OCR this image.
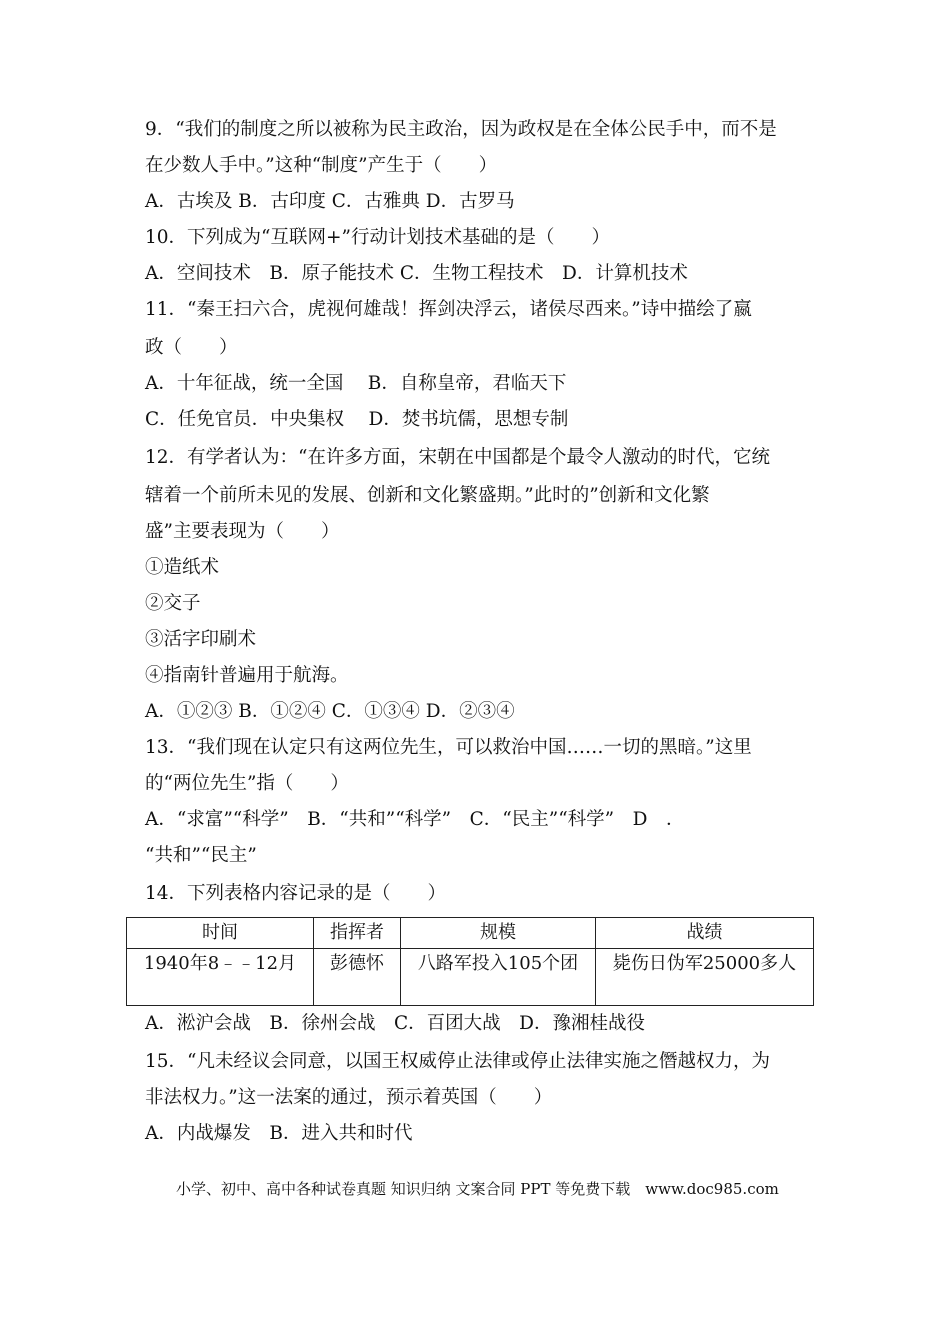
9．“我们的制度之所以被称为民主政治，因为政权是在全体公民手中，而不是
在少数人手中。”这种“制度”产生于（　　）
A．古埃及 B．古印度 C．古雅典 D．古罗马
10．下列成为“互联网+”行动计划技术基础的是（　　）
A．空间技术　B．原子能技术 C．生物工程技术　D．计算机技术
11．“秦王扫六合，虎视何雄哉！挥剑决浮云，诸侯尽西来。”诗中描绘了嬴
政（　　）
A．十年征战，统一全国　 B．自称皇帝，君临天下
C．任免官员．中央集权　 D．焚书坑儒，思想专制
12．有学者认为：“在许多方面，宋朝在中国都是个最令人激动的时代，它统
辖着一个前所未见的发展、创新和文化繁盛期。”此时的”创新和文化繁
盛”主要表现为（　　）
①造纸术
②交子
③活字印刷术
④指南针普遍用于航海。
A．①②③ B．①②④ C．①③④ D．②③④
13．“我们现在认定只有这两位先生，可以救治中国……一切的黑暗。”这里
的“两位先生”指（　　）
A．“求富”“科学”　B．“共和”“科学”　C．“民主”“科学”　D　．
“共和”“民主”
14．下列表格内容记录的是（　　）
时间	指挥者	规模	战绩
1940年8﹣﹣12月	彭德怀	八路军投入105个团	毙伤日伪军25000多人
A．淞沪会战　B．徐州会战　C．百团大战　D．豫湘桂战役
15．“凡未经议会同意，以国王权威停止法律或停止法律实施之僭越权力，为
非法权力。”这一法案的通过，预示着英国（　　）
A．内战爆发　B．进入共和时代
小学、初中、高中各种试卷真题 知识归纳 文案合同 PPT 等免费下载　www.doc985.com
